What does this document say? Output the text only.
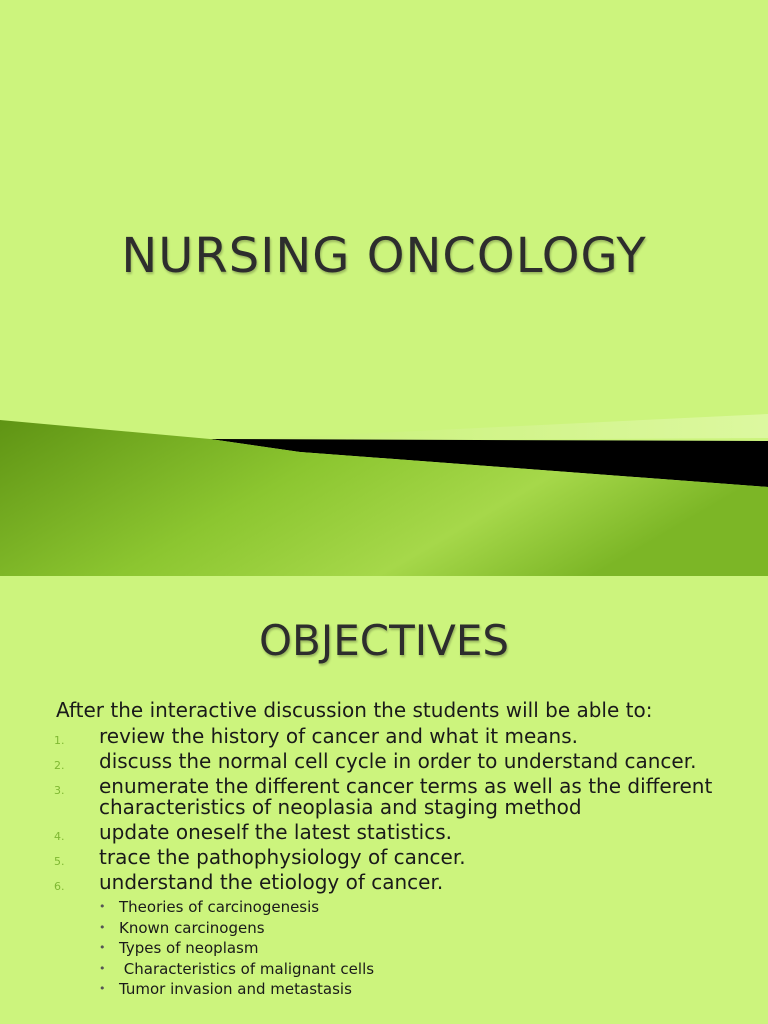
NURSING ONCOLOGY
OBJECTIVES
After the interactive discussion the students will be able to:
1. review the history of cancer and what it means.
2. discuss the normal cell cycle in order to understand cancer.
3. enumerate the different cancer terms as well as the different characteristics of neoplasia and staging method
4. update oneself the latest statistics.
5. trace the pathophysiology of cancer.
6. understand the etiology of cancer.
• Theories of carcinogenesis
• Known carcinogens
• Types of neoplasm
• Characteristics of malignant cells
• Tumor invasion and metastasis
